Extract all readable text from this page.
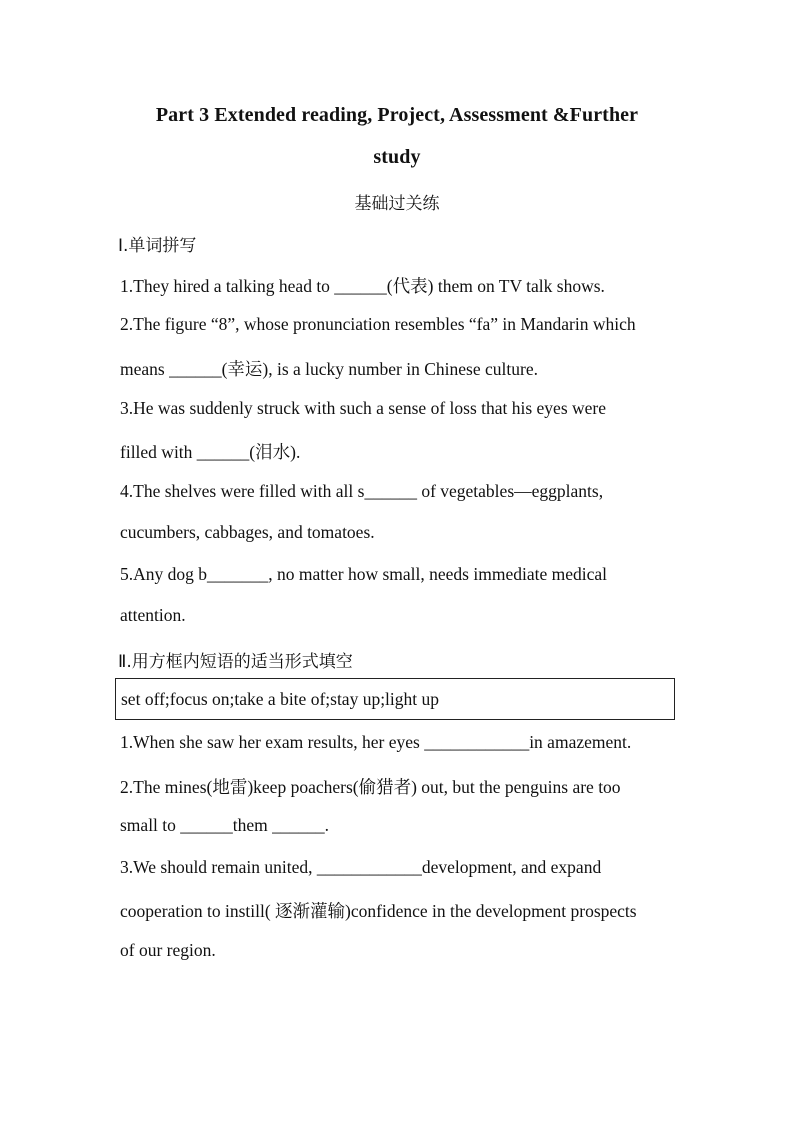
Part 3 Extended reading, Project, Assessment &Further
study
基础过关练
Ⅰ.单词拼写
1.They hired a talking head to ______(代表) them on TV talk shows.
2.The figure “8”, whose pronunciation resembles “fa” in Mandarin which
means ______(幸运), is a lucky number in Chinese culture.
3.He was suddenly struck with such a sense of loss that his eyes were
filled with ______(泪水).
4.The shelves were filled with all s______ of vegetables—eggplants,
cucumbers, cabbages, and tomatoes.
5.Any dog b_______, no matter how small, needs immediate medical
attention.
Ⅱ.用方框内短语的适当形式填空
set off;focus on;take a bite of;stay up;light up
1.When she saw her exam results, her eyes ____________in amazement.
2.The mines(地雷)keep poachers(偷猎者) out, but the penguins are too
small to ______them ______.
3.We should remain united, ____________development, and expand
cooperation to instill( 逐渐灌输)confidence in the development prospects
of our region.
